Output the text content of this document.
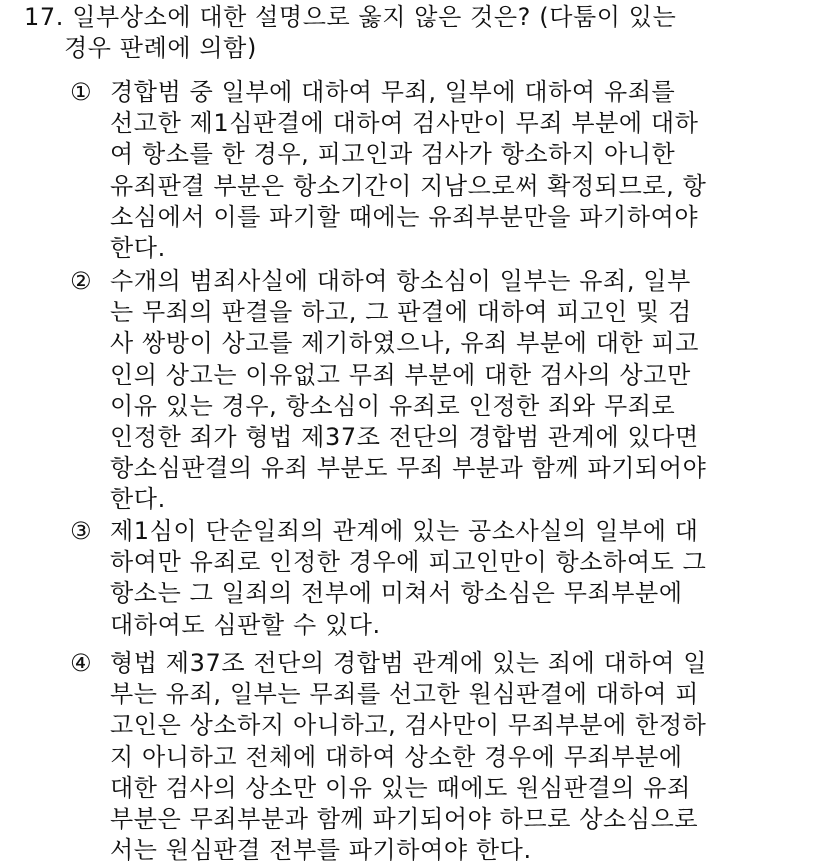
17. 일부상소에 대한 설명으로 옳지 않은 것은? (다툼이 있는
경우 판례에 의함)
① 경합범 중 일부에 대하여 무죄, 일부에 대하여 유죄를
선고한 제1심판결에 대하여 검사만이 무죄 부분에 대하
여 항소를 한 경우, 피고인과 검사가 항소하지 아니한
유죄판결 부분은 항소기간이 지남으로써 확정되므로, 항
소심에서 이를 파기할 때에는 유죄부분만을 파기하여야
한다.
② 수개의 범죄사실에 대하여 항소심이 일부는 유죄, 일부
는 무죄의 판결을 하고, 그 판결에 대하여 피고인 및 검
사 쌍방이 상고를 제기하였으나, 유죄 부분에 대한 피고
인의 상고는 이유없고 무죄 부분에 대한 검사의 상고만
이유 있는 경우, 항소심이 유죄로 인정한 죄와 무죄로
인정한 죄가 형법 제37조 전단의 경합범 관계에 있다면
항소심판결의 유죄 부분도 무죄 부분과 함께 파기되어야
한다.
③ 제1심이 단순일죄의 관계에 있는 공소사실의 일부에 대
하여만 유죄로 인정한 경우에 피고인만이 항소하여도 그
항소는 그 일죄의 전부에 미쳐서 항소심은 무죄부분에
대하여도 심판할 수 있다.
④ 형법 제37조 전단의 경합범 관계에 있는 죄에 대하여 일
부는 유죄, 일부는 무죄를 선고한 원심판결에 대하여 피
고인은 상소하지 아니하고, 검사만이 무죄부분에 한정하
지 아니하고 전체에 대하여 상소한 경우에 무죄부분에
대한 검사의 상소만 이유 있는 때에도 원심판결의 유죄
부분은 무죄부분과 함께 파기되어야 하므로 상소심으로
서는 원심판결 전부를 파기하여야 한다.
